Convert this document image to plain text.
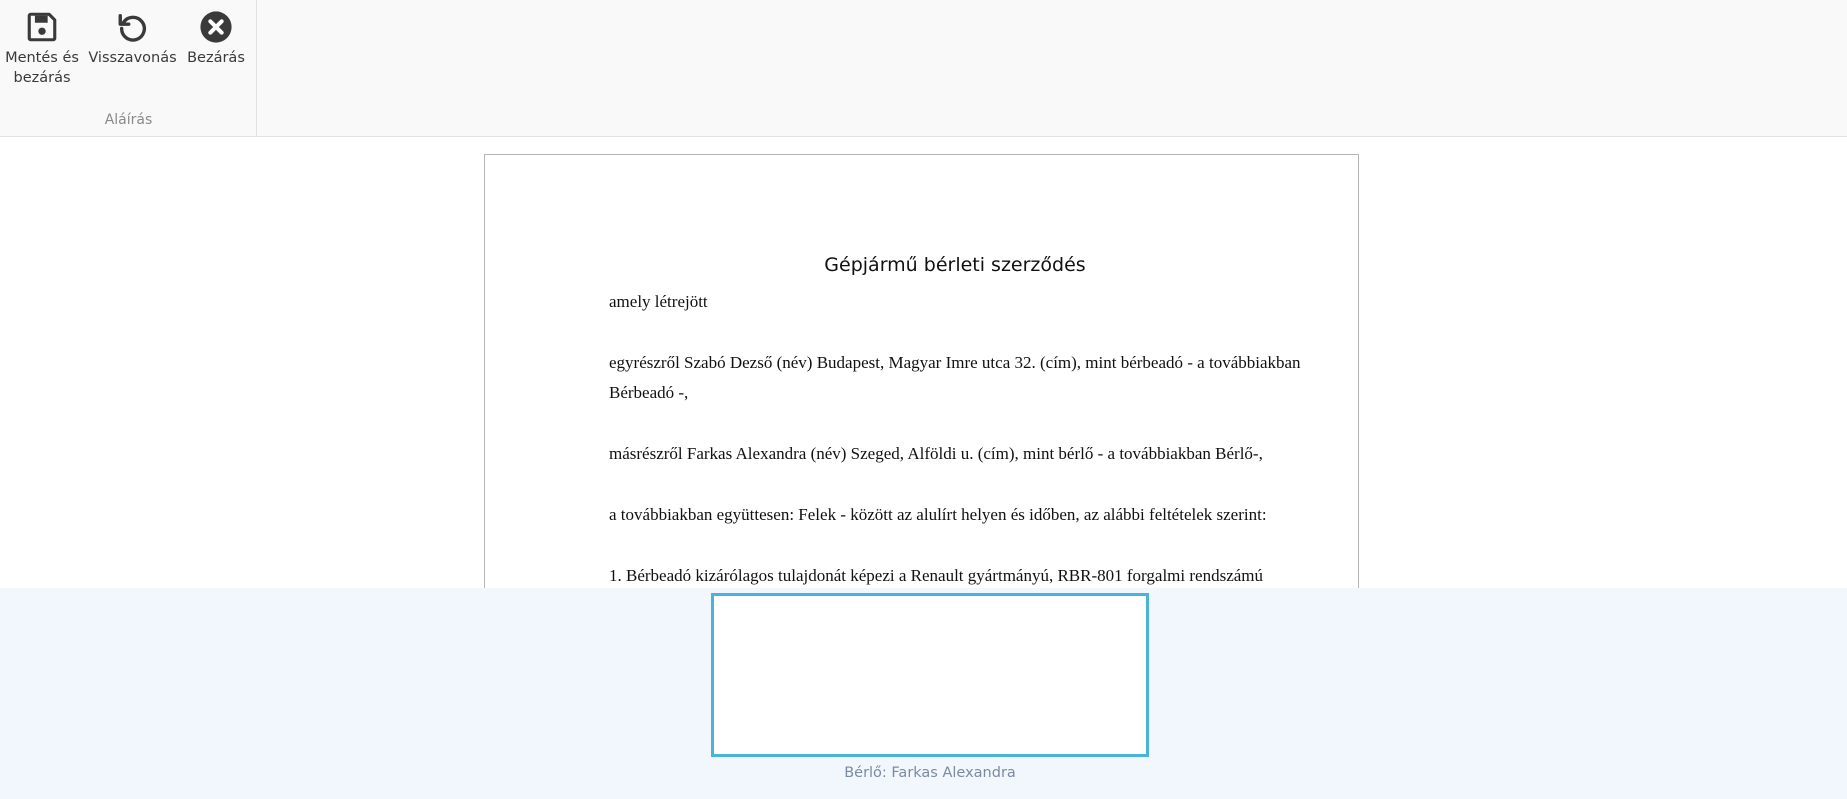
Mentés és
bezárás
Visszavonás Bezárás
Aláírás
Gépjármű bérleti szerződés

amely létrejött

egyrészről Szabó Dezső (név) Budapest, Magyar Imre utca 32. (cím), mint bérbeadó - a továbbiakban Bérbeadó -,

másrészről Farkas Alexandra (név) Szeged, Alföldi u. (cím), mint bérlő - a továbbiakban Bérlő-,

a továbbiakban együttesen: Felek - között az alulírt helyen és időben, az alábbi feltételek szerint:

1. Bérbeadó kizárólagos tulajdonát képezi a Renault gyártmányú, RBR-801 forgalmi rendszámú

Bérlő: Farkas Alexandra
